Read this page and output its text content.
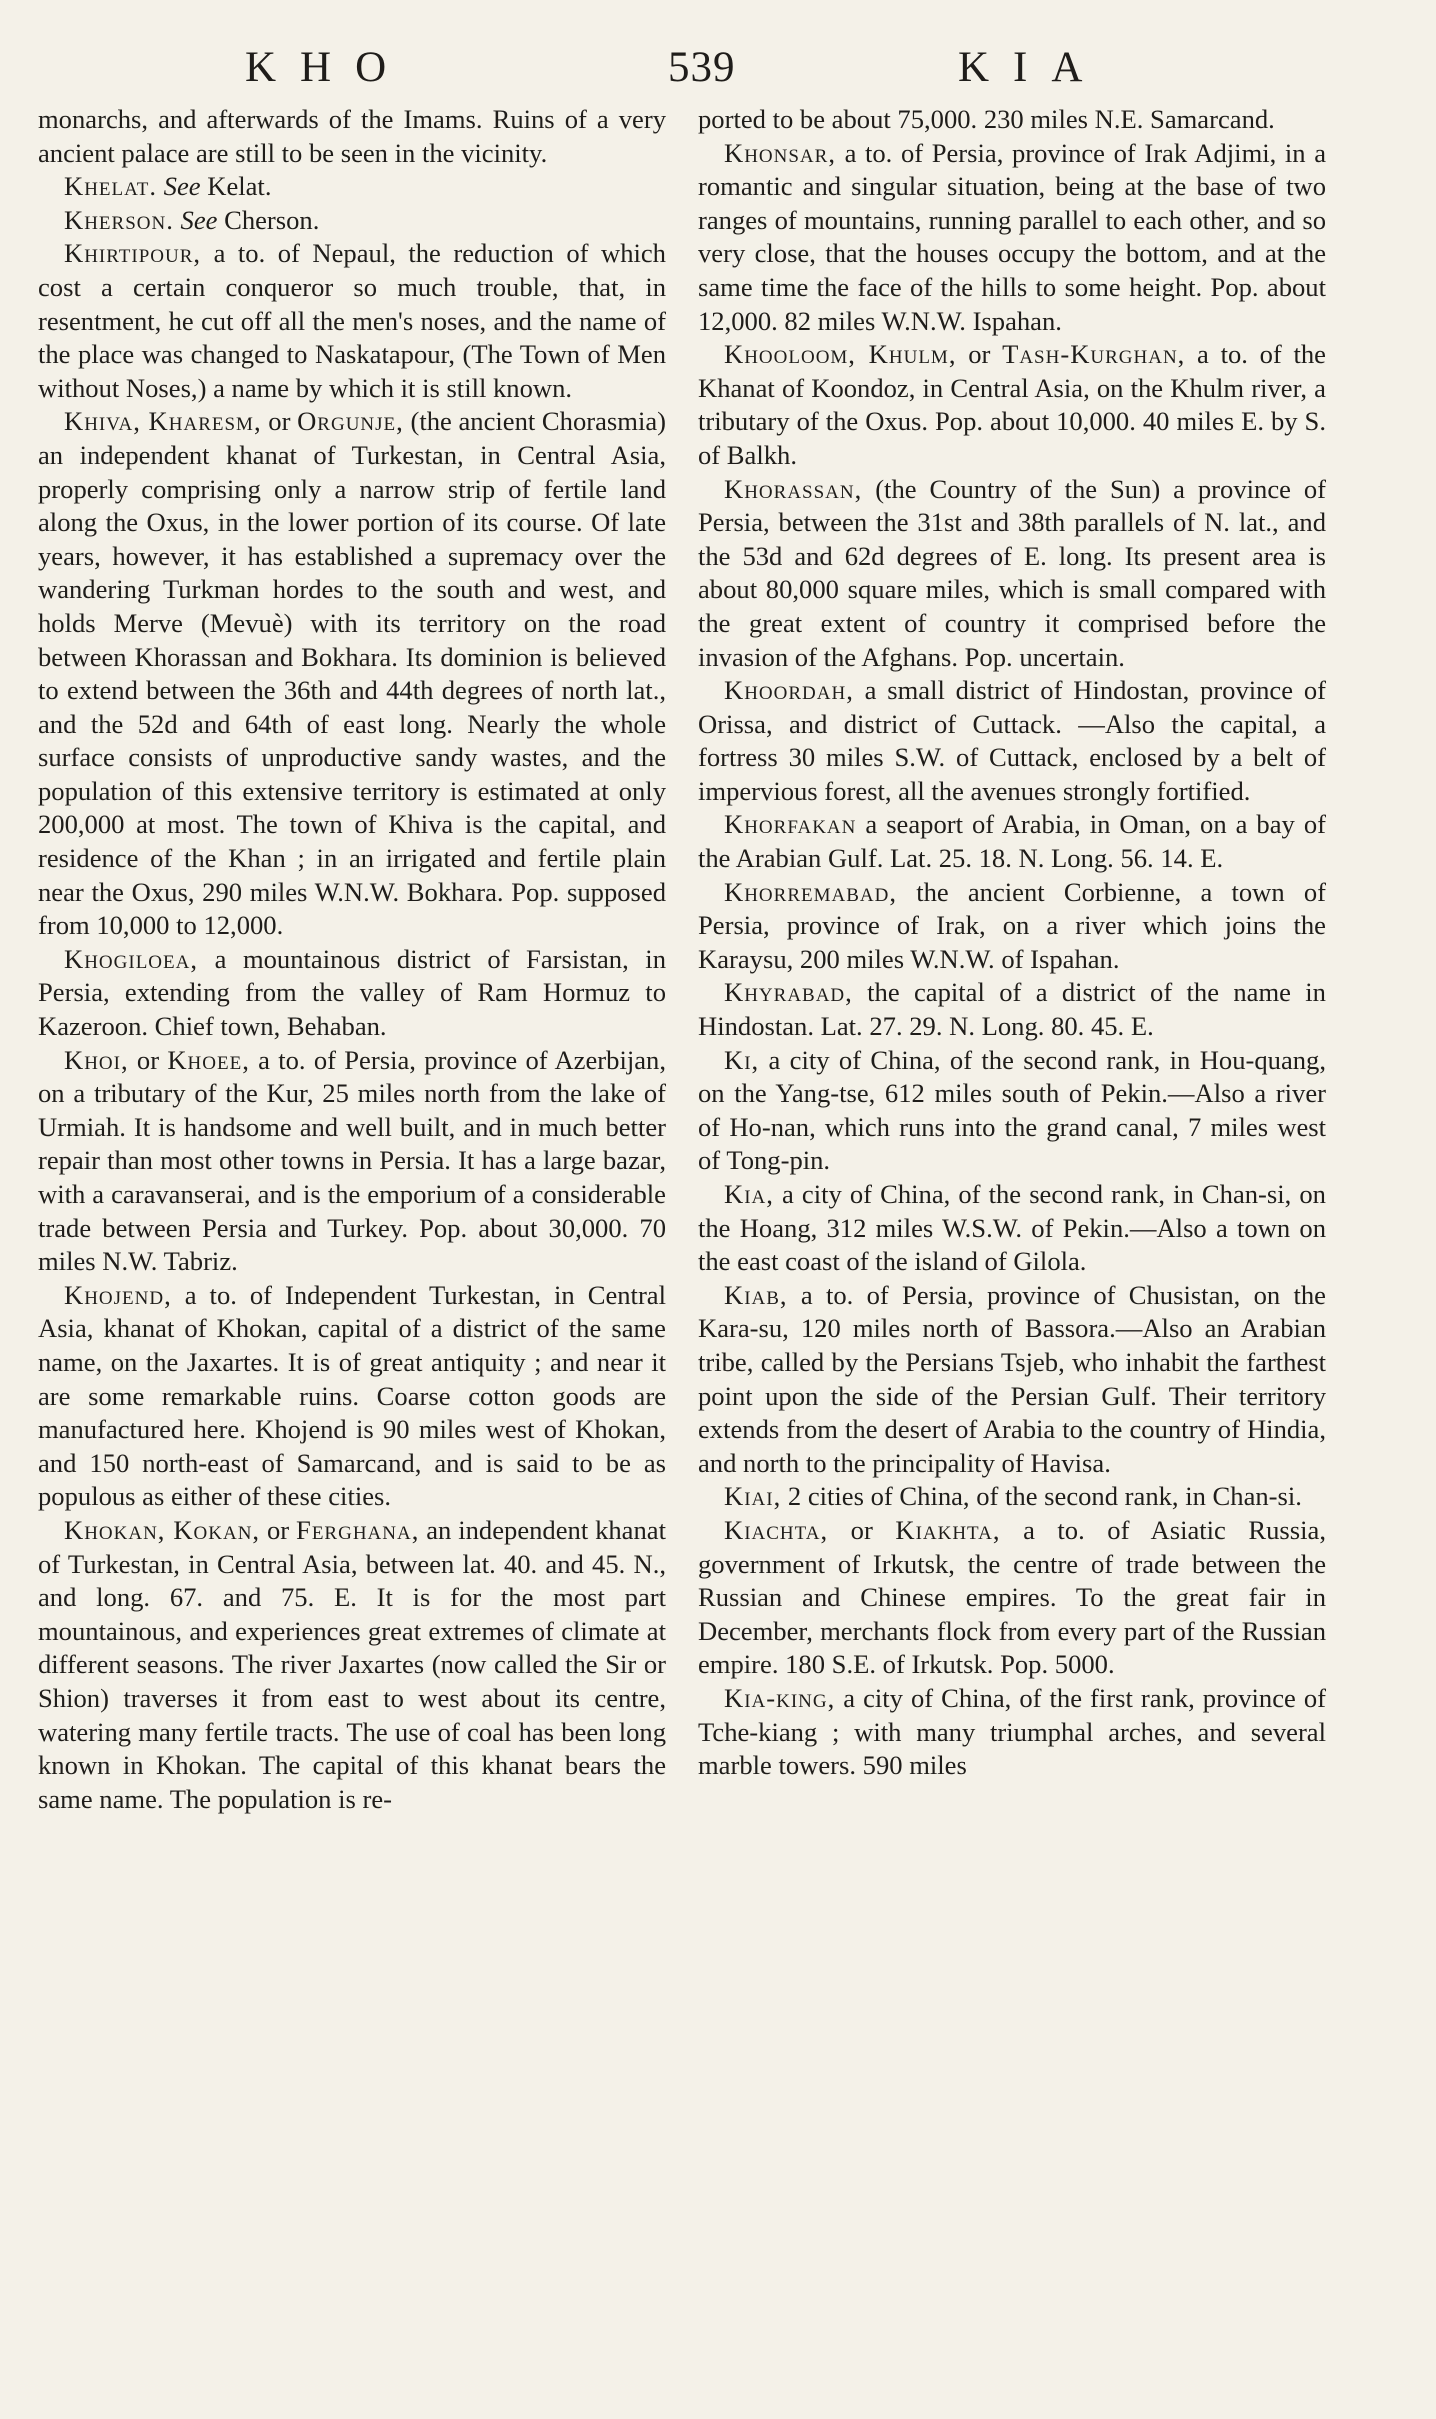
KHO	539	KIA

monarchs, and afterwards of the Imams. Ruins of a very ancient palace are still to be seen in the vicinity.

Khelat. See Kelat.

Kherson. See Cherson.

Khirtipour, a to. of Nepaul, the reduction of which cost a certain conqueror so much trouble, that, in resentment, he cut off all the men's noses, and the name of the place was changed to Naskatapour, (The Town of Men without Noses,) a name by which it is still known.

Khiva, Kharesm, or Orgunje, (the ancient Chorasmia) an independent khanat of Turkestan, in Central Asia, properly comprising only a narrow strip of fertile land along the Oxus, in the lower portion of its course. Of late years, however, it has established a supremacy over the wandering Turkman hordes to the south and west, and holds Merve (Mevuè) with its territory on the road between Khorassan and Bokhara. Its dominion is believed to extend between the 36th and 44th degrees of north lat., and the 52d and 64th of east long. Nearly the whole surface consists of unproductive sandy wastes, and the population of this extensive territory is estimated at only 200,000 at most. The town of Khiva is the capital, and residence of the Khan ; in an irrigated and fertile plain near the Oxus, 290 miles W.N.W. Bokhara. Pop. supposed from 10,000 to 12,000.

Khogiloea, a mountainous district of Farsistan, in Persia, extending from the valley of Ram Hormuz to Kazeroon. Chief town, Behaban.

Khoi, or Khoee, a to. of Persia, province of Azerbijan, on a tributary of the Kur, 25 miles north from the lake of Urmiah. It is handsome and well built, and in much better repair than most other towns in Persia. It has a large bazar, with a caravanserai, and is the emporium of a considerable trade between Persia and Turkey. Pop. about 30,000. 70 miles N.W. Tabriz.

Khojend, a to. of Independent Turkestan, in Central Asia, khanat of Khokan, capital of a district of the same name, on the Jaxartes. It is of great antiquity ; and near it are some remarkable ruins. Coarse cotton goods are manufactured here. Khojend is 90 miles west of Khokan, and 150 north-east of Samarcand, and is said to be as populous as either of these cities.

Khokan, Kokan, or Ferghana, an independent khanat of Turkestan, in Central Asia, between lat. 40. and 45. N., and long. 67. and 75. E. It is for the most part mountainous, and experiences great extremes of climate at different seasons. The river Jaxartes (now called the Sir or Shion) traverses it from east to west about its centre, watering many fertile tracts. The use of coal has been long known in Khokan. The capital of this khanat bears the same name. The population is re-

ported to be about 75,000. 230 miles N.E. Samarcand.

Khonsar, a to. of Persia, province of Irak Adjimi, in a romantic and singular situation, being at the base of two ranges of mountains, running parallel to each other, and so very close, that the houses occupy the bottom, and at the same time the face of the hills to some height. Pop. about 12,000. 82 miles W.N.W. Ispahan.

Khooloom, Khulm, or Tash-Kurghan, a to. of the Khanat of Koondoz, in Central Asia, on the Khulm river, a tributary of the Oxus. Pop. about 10,000. 40 miles E. by S. of Balkh.

Khorassan, (the Country of the Sun) a province of Persia, between the 31st and 38th parallels of N. lat., and the 53d and 62d degrees of E. long. Its present area is about 80,000 square miles, which is small compared with the great extent of country it comprised before the invasion of the Afghans. Pop. uncertain.

Khoordah, a small district of Hindostan, province of Orissa, and district of Cuttack. —Also the capital, a fortress 30 miles S.W. of Cuttack, enclosed by a belt of impervious forest, all the avenues strongly fortified.

Khorfakan a seaport of Arabia, in Oman, on a bay of the Arabian Gulf. Lat. 25. 18. N. Long. 56. 14. E.

Khorremabad, the ancient Corbienne, a town of Persia, province of Irak, on a river which joins the Karaysu, 200 miles W.N.W. of Ispahan.

Khyrabad, the capital of a district of the name in Hindostan. Lat. 27. 29. N. Long. 80. 45. E.

Ki, a city of China, of the second rank, in Hou-quang, on the Yang-tse, 612 miles south of Pekin.—Also a river of Ho-nan, which runs into the grand canal, 7 miles west of Tong-pin.

Kia, a city of China, of the second rank, in Chan-si, on the Hoang, 312 miles W.S.W. of Pekin.—Also a town on the east coast of the island of Gilola.

Kiab, a to. of Persia, province of Chusistan, on the Kara-su, 120 miles north of Bassora.—Also an Arabian tribe, called by the Persians Tsjeb, who inhabit the farthest point upon the side of the Persian Gulf. Their territory extends from the desert of Arabia to the country of Hindia, and north to the principality of Havisa.

Kiai, 2 cities of China, of the second rank, in Chan-si.

Kiachta, or Kiakhta, a to. of Asiatic Russia, government of Irkutsk, the centre of trade between the Russian and Chinese empires. To the great fair in December, merchants flock from every part of the Russian empire. 180 S.E. of Irkutsk. Pop. 5000.

Kia-king, a city of China, of the first rank, province of Tche-kiang ; with many triumphal arches, and several marble towers. 590 miles
